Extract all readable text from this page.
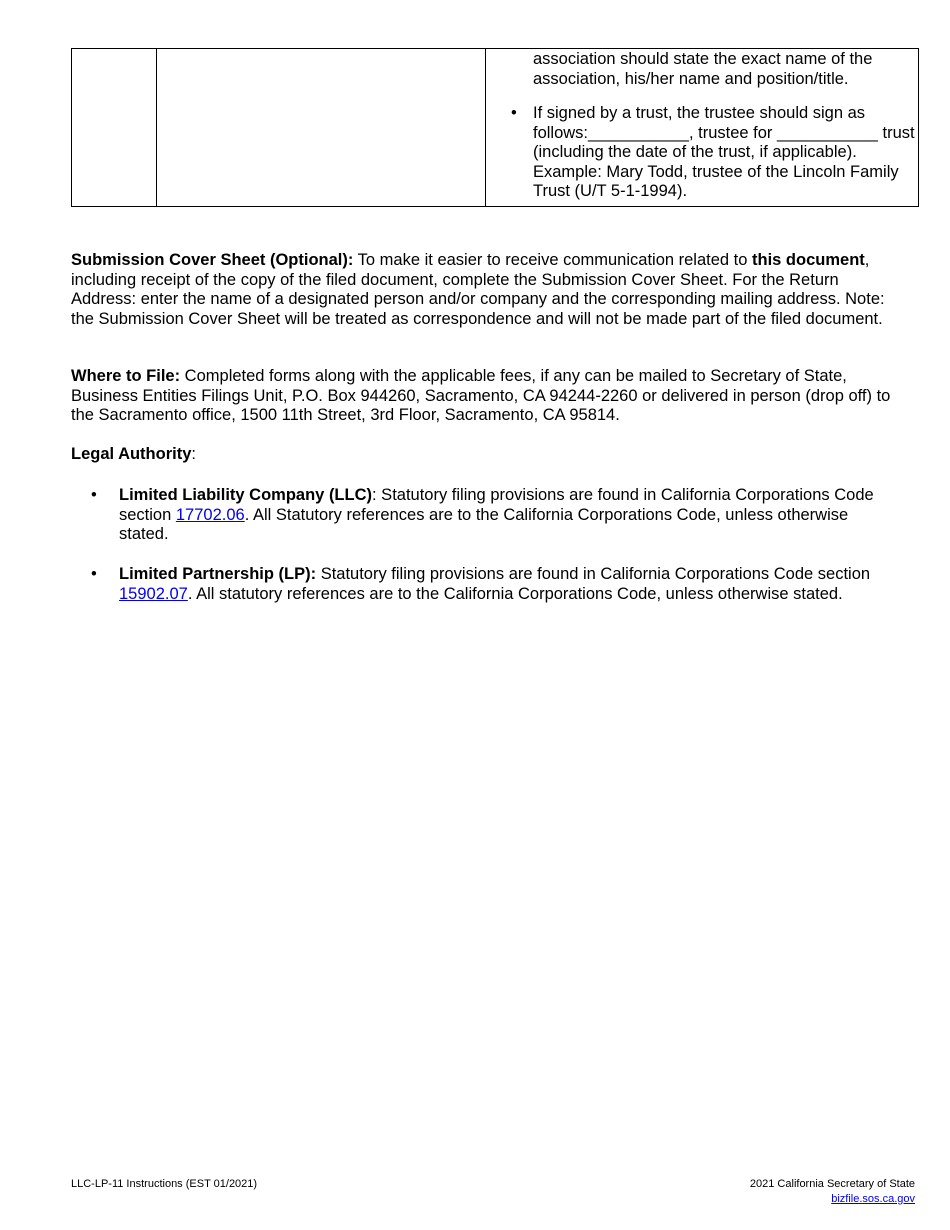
association should state the exact name of the association, his/her name and position/title.
• If signed by a trust, the trustee should sign as follows:___________, trustee for ___________ trust (including the date of the trust, if applicable). Example: Mary Todd, trustee of the Lincoln Family Trust (U/T 5-1-1994).
Submission Cover Sheet (Optional): To make it easier to receive communication related to this document, including receipt of the copy of the filed document, complete the Submission Cover Sheet. For the Return Address: enter the name of a designated person and/or company and the corresponding mailing address. Note: the Submission Cover Sheet will be treated as correspondence and will not be made part of the filed document.
Where to File: Completed forms along with the applicable fees, if any can be mailed to Secretary of State, Business Entities Filings Unit, P.O. Box 944260, Sacramento, CA 94244-2260 or delivered in person (drop off) to the Sacramento office, 1500 11th Street, 3rd Floor, Sacramento, CA 95814.
Legal Authority:
• Limited Liability Company (LLC): Statutory filing provisions are found in California Corporations Code section 17702.06. All Statutory references are to the California Corporations Code, unless otherwise stated.
• Limited Partnership (LP): Statutory filing provisions are found in California Corporations Code section 15902.07. All statutory references are to the California Corporations Code, unless otherwise stated.
LLC-LP-11 Instructions (EST 01/2021)	2021 California Secretary of State
bizfile.sos.ca.gov
